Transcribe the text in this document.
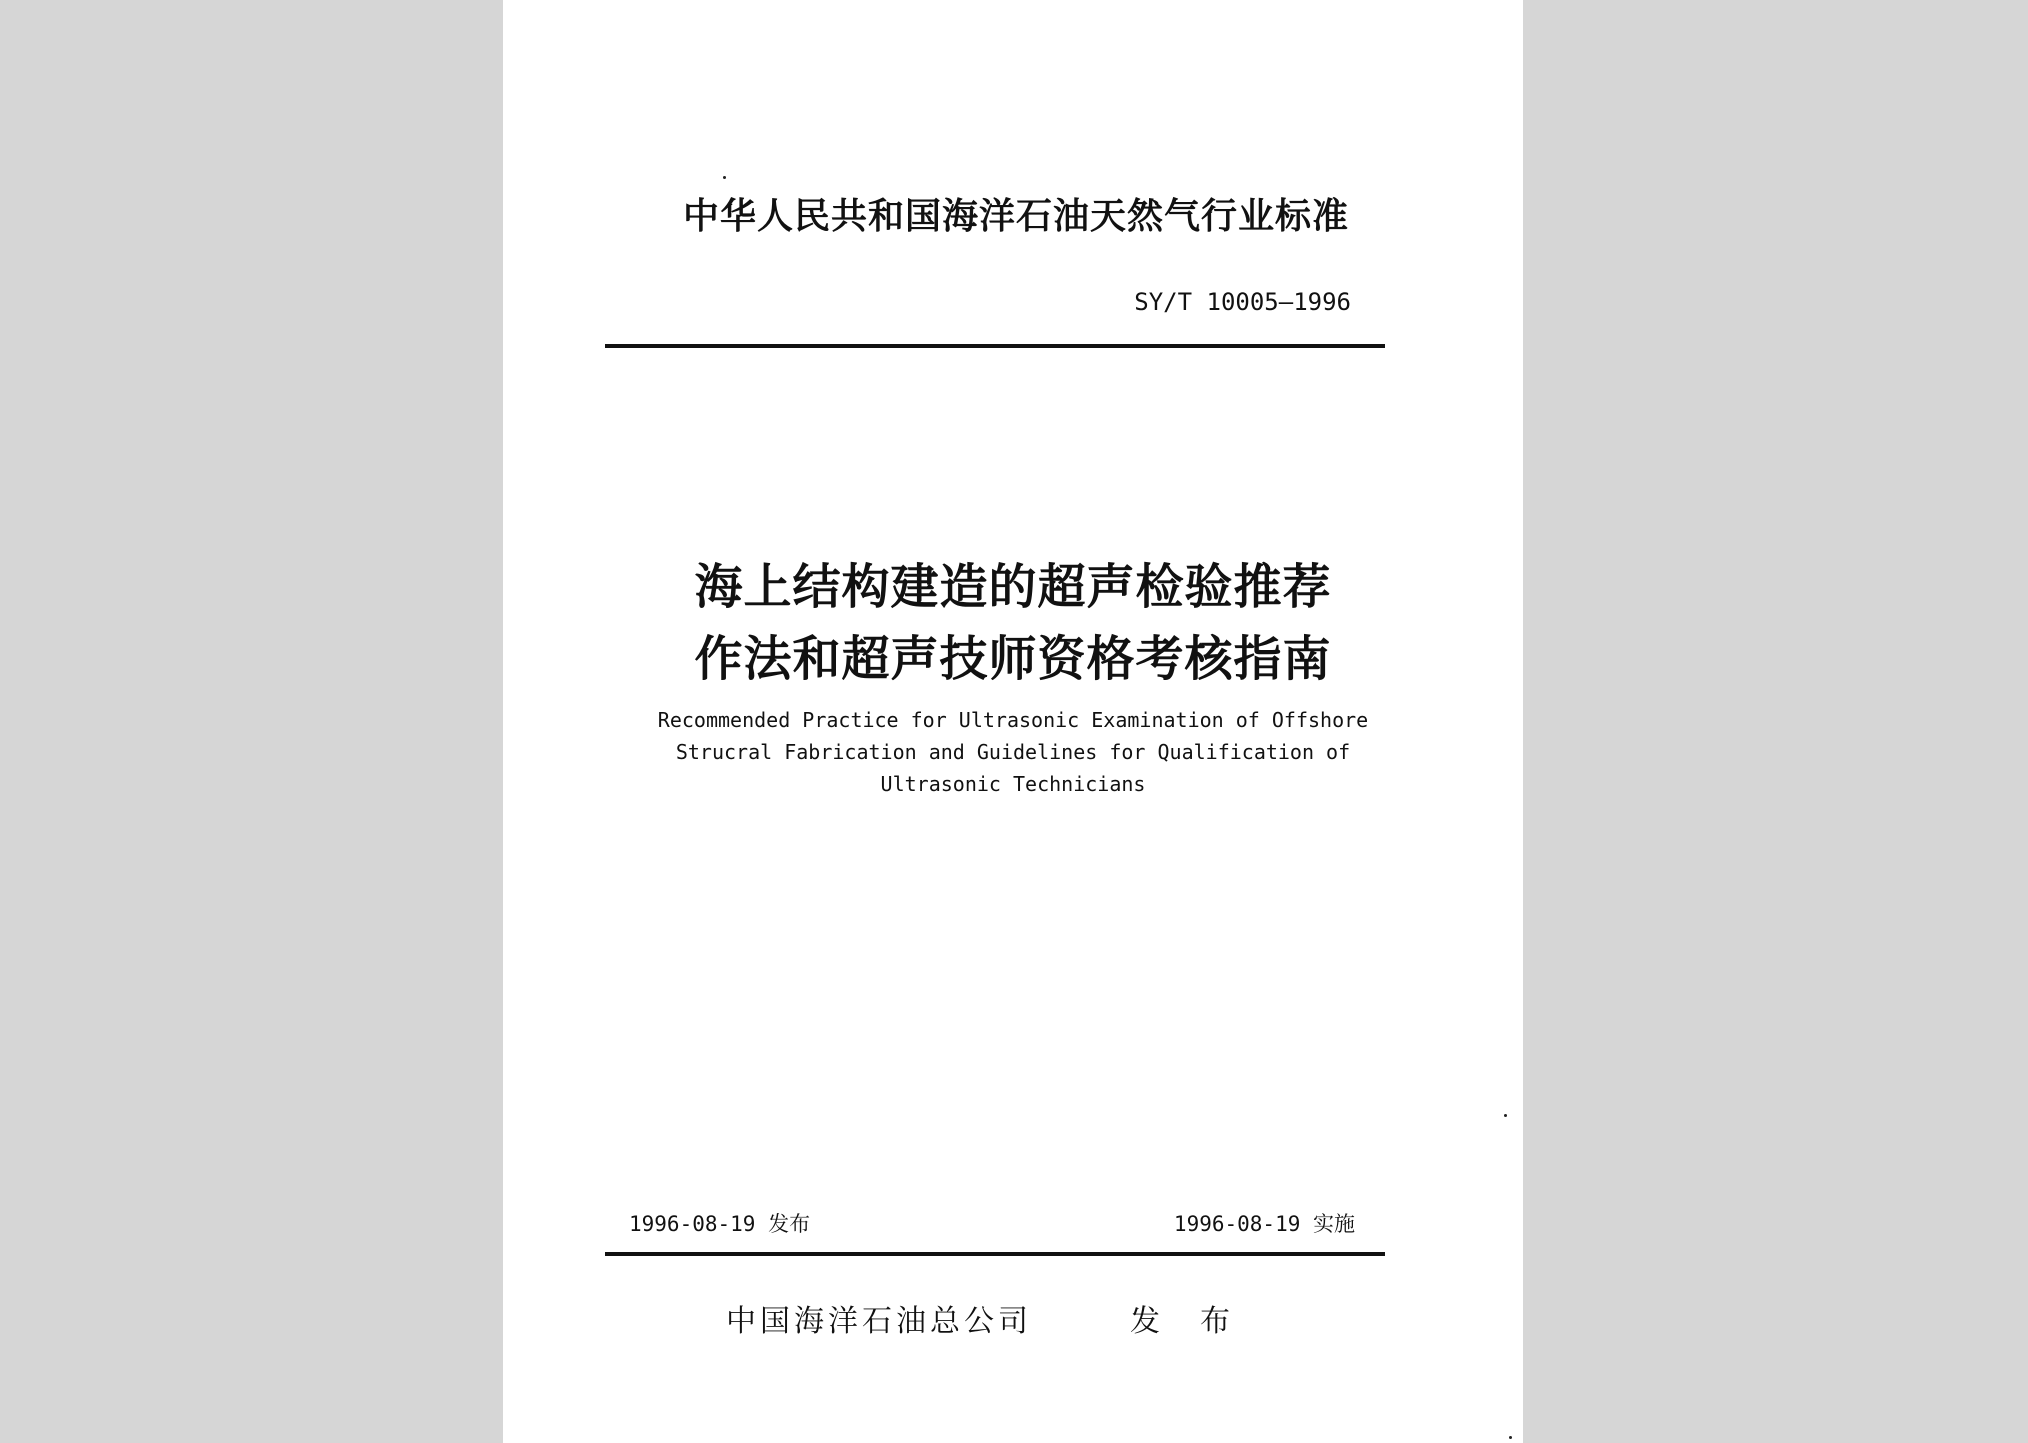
中华人民共和国海洋石油天然气行业标准
SY/T 10005—1996
海上结构建造的超声检验推荐
作法和超声技师资格考核指南
Recommended Practice for Ultrasonic Examination of Offshore
Strucral Fabrication and Guidelines for Qualification of
Ultrasonic Technicians
1996-08-19 发布	1996-08-19 实施
中国海洋石油总公司	发布
